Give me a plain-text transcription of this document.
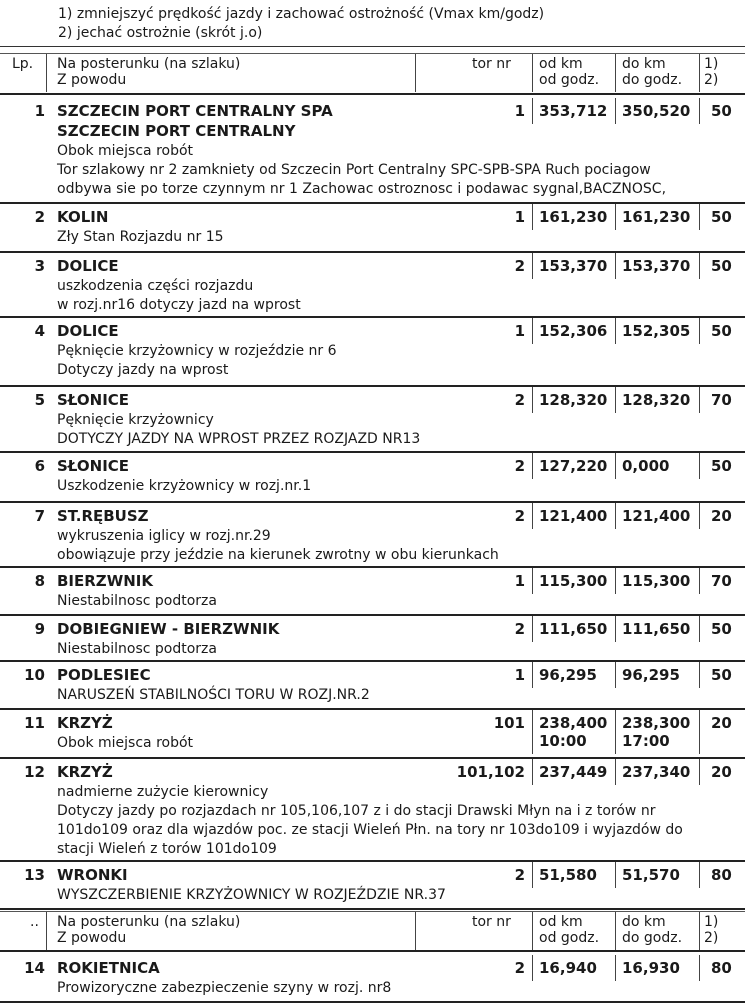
1) zmniejszyć prędkość jazdy i zachować ostrożność (Vmax km/godz)
2) jechać ostrożnie (skrót j.o)
Lp. Na posterunku (na szlaku)
Z powodu
tor nr od km
od godz.
do km
do godz.
1)
2)
.. Na posterunku (na szlaku)
Z powodu
tor nr od km
od godz.
do km
do godz.
1)
2)
1 SZCZECIN PORT CENTRALNY SPA
SZCZECIN PORT CENTRALNY
Obok miejsca robót
Tor szlakowy nr 2 zamkniety od Szczecin Port Centralny SPC-SPB-SPA Ruch pociagow
odbywa sie po torze czynnym nr 1 Zachowac ostroznosc i podawac sygnal,BACZNOSC,
1 353,712 350,520 50
2 KOLIN
Zły Stan Rozjazdu nr 15
1 161,230 161,230 50
3 DOLICE
uszkodzenia części rozjazdu
w rozj.nr16 dotyczy jazd na wprost
2 153,370 153,370 50
4 DOLICE
Pęknięcie krzyżownicy w rozjeździe nr 6
Dotyczy jazdy na wprost
1 152,306 152,305 50
5 SŁONICE
Pęknięcie krzyżownicy
DOTYCZY JAZDY NA WPROST PRZEZ ROZJAZD NR13
2 128,320 128,320 70
6 SŁONICE
Uszkodzenie krzyżownicy w rozj.nr.1
2 127,220 0,000	50
7 ST.RĘBUSZ
wykruszenia iglicy w rozj.nr.29
obowiązuje przy jeździe na kierunek zwrotny w obu kierunkach
2 121,400 121,400 20
8 BIERZWNIK
Niestabilnosc podtorza
1 115,300 115,300 70
9 DOBIEGNIEW - BIERZWNIK
Niestabilnosc podtorza
2 111,650 111,650 50
10 PODLESIEC
NARUSZEŃ STABILNOŚCI TORU W ROZJ.NR.2
1 96,295 96,295 50
11 KRZYŻ
Obok miejsca robót
101 238,400 238,300 20
10:00 17:00
12 KRZYŻ
nadmierne zużycie kierownicy
Dotyczy jazdy po rozjazdach nr 105,106,107 z i do stacji Drawski Młyn na i z torów nr
101do109 oraz dla wjazdów poc. ze stacji Wieleń Płn. na tory nr 103do109 i wyjazdów do
stacji Wieleń z torów 101do109
101,102 237,449 237,340 20
13 WRONKI
WYSZCZERBIENIE KRZYŻOWNICY W ROZJEŹDZIE NR.37
2 51,580 51,570 80
14 ROKIETNICA
Prowizoryczne zabezpieczenie szyny w rozj. nr8
2 16,940 16,930 80
